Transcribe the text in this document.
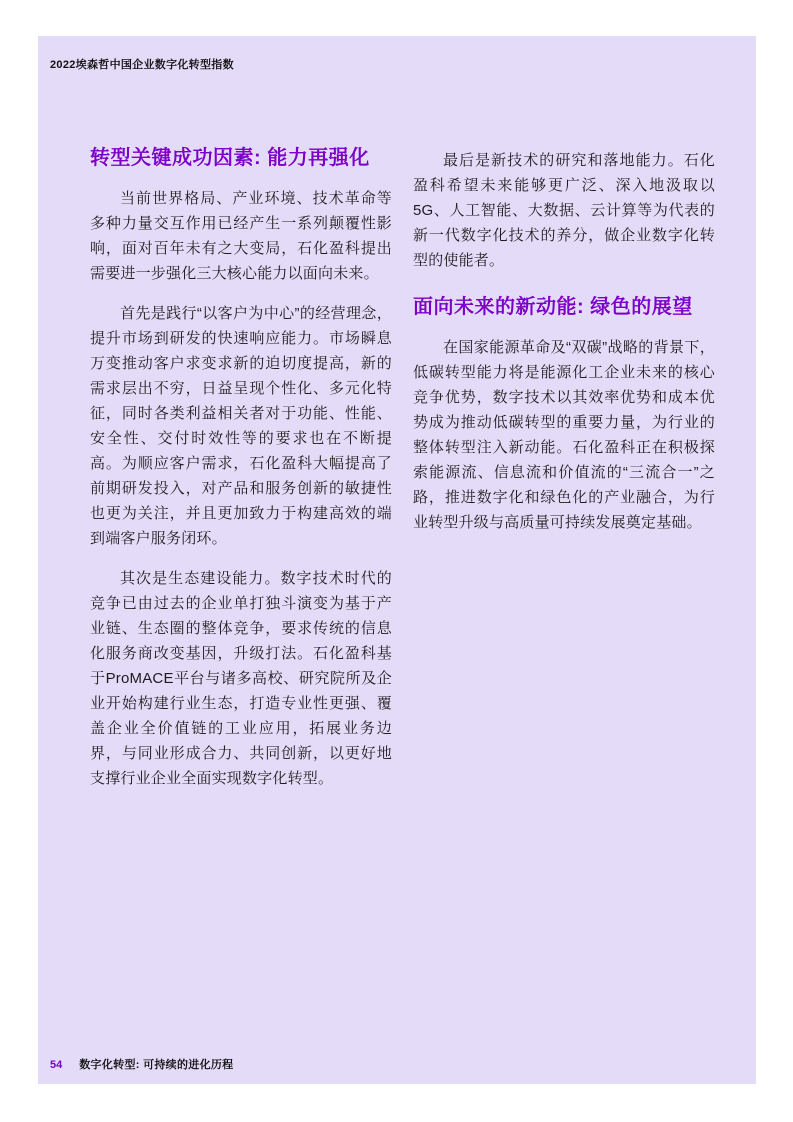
2022埃森哲中国企业数字化转型指数
转型关键成功因素: 能力再强化

当前世界格局、产业环境、技术革命等多种力量交互作用已经产生一系列颠覆性影响，面对百年未有之大变局，石化盈科提出需要进一步强化三大核心能力以面向未来。

首先是践行“以客户为中心”的经营理念，提升市场到研发的快速响应能力。市场瞬息万变推动客户求变求新的迫切度提高，新的需求层出不穷，日益呈现个性化、多元化特征，同时各类利益相关者对于功能、性能、安全性、交付时效性等的要求也在不断提高。为顺应客户需求，石化盈科大幅提高了前期研发投入，对产品和服务创新的敏捷性也更为关注，并且更加致力于构建高效的端到端客户服务闭环。

其次是生态建设能力。数字技术时代的竞争已由过去的企业单打独斗演变为基于产业链、生态圈的整体竞争，要求传统的信息化服务商改变基因，升级打法。石化盈科基于ProMACE平台与诸多高校、研究院所及企业开始构建行业生态，打造专业性更强、覆盖企业全价值链的工业应用，拓展业务边界，与同业形成合力、共同创新，以更好地支撑行业企业全面实现数字化转型。

最后是新技术的研究和落地能力。石化盈科希望未来能够更广泛、深入地汲取以5G、人工智能、大数据、云计算等为代表的新一代数字化技术的养分，做企业数字化转型的使能者。

面向未来的新动能: 绿色的展望

在国家能源革命及“双碳”战略的背景下，低碳转型能力将是能源化工企业未来的核心竞争优势，数字技术以其效率优势和成本优势成为推动低碳转型的重要力量，为行业的整体转型注入新动能。石化盈科正在积极探索能源流、信息流和价值流的“三流合一”之路，推进数字化和绿色化的产业融合，为行业转型升级与高质量可持续发展奠定基础。

54 数字化转型: 可持续的进化历程
